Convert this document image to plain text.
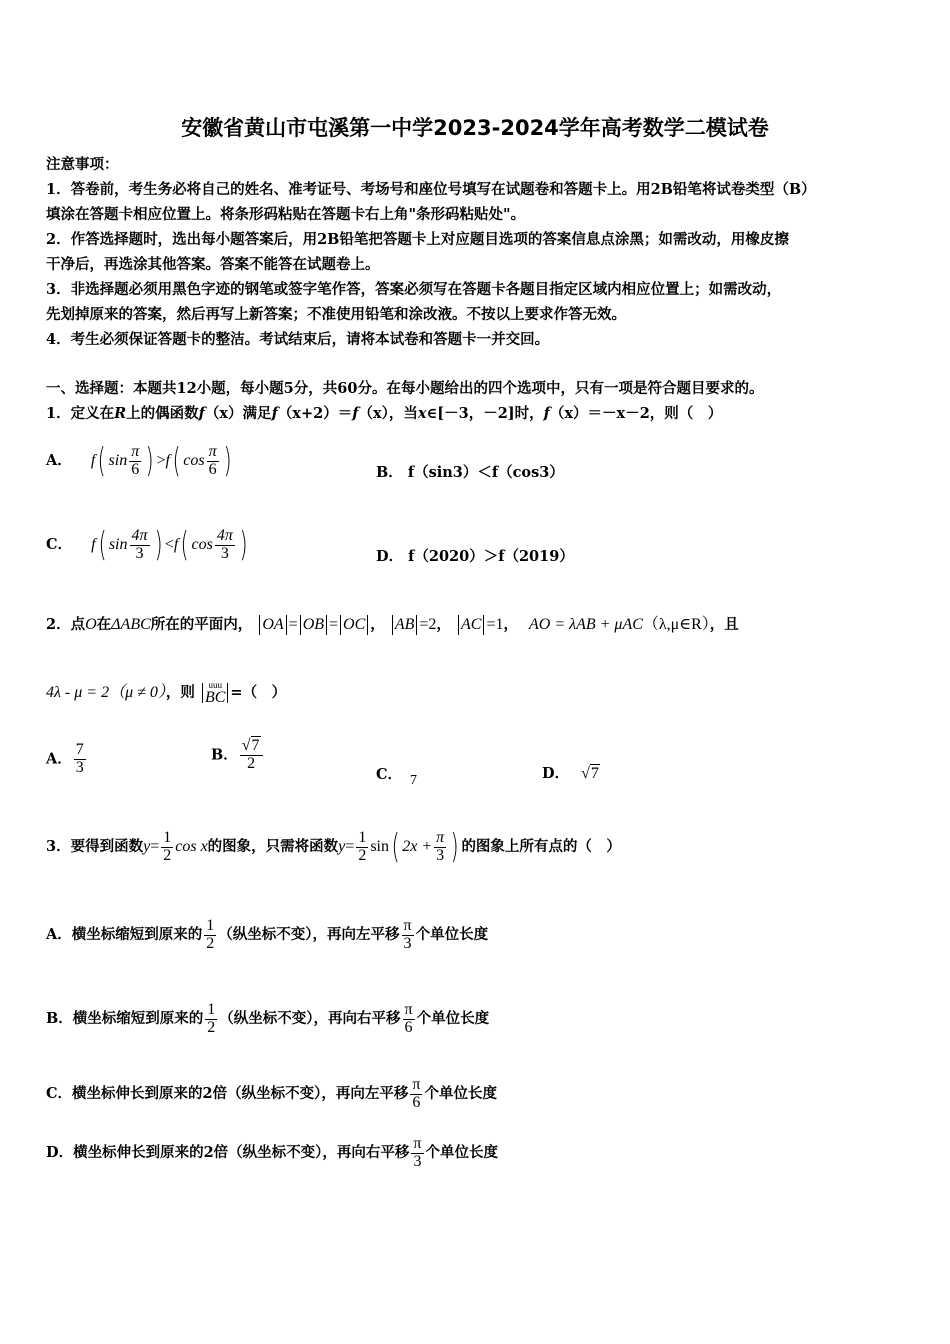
安徽省黄山市屯溪第一中学2023-2024学年高考数学二模试卷
注意事项：
1．答卷前，考生务必将自己的姓名、准考证号、考场号和座位号填写在试题卷和答题卡上。用2B铅笔将试卷类型（B）
填涂在答题卡相应位置上。将条形码粘贴在答题卡右上角"条形码粘贴处"。
2．作答选择题时，选出每小题答案后，用2B铅笔把答题卡上对应题目选项的答案信息点涂黑；如需改动，用橡皮擦
干净后，再选涂其他答案。答案不能答在试题卷上。
3．非选择题必须用黑色字迹的钢笔或签字笔作答，答案必须写在答题卡各题目指定区域内相应位置上；如需改动，
先划掉原来的答案，然后再写上新答案；不准使用铅笔和涂改液。不按以上要求作答无效。
4．考生必须保证答题卡的整洁。考试结束后，请将本试卷和答题卡一并交回。
一、选择题：本题共12小题，每小题5分，共60分。在每小题给出的四个选项中，只有一项是符合题目要求的。
1．定义在R上的偶函数f（x）满足f（x+2）＝f（x），当x∈[－3，－2]时，f（x）＝－x－2，则（　）
A． f( $\sin \frac{\pi}{6}$ ) >f( $\cos \frac{\pi}{6}$ )	B． f（sin3）＜f（cos3）
C． f( $\sin \frac{4\pi}{3}$ ) <f( $\cos \frac{4\pi}{3}$ )	D． f（2020）＞f（2019）
2．点O在ΔABC所在的平面内， OA = OB = OC ， AB =2， AC =1， AO = λAB + μAC（λ,μ∈R），且
4λ - μ = 2（μ ≠ 0），则	uuu
BC =（　）
A． $\frac{7}{3}$	B． $\frac{√7}{2}$
C． 7	D． √7
3．要得到函数$y= \frac{1}{2}$ cos x的图象，只需将函数$y= \frac{1}{2} \sin$( $2x + \frac{\pi}{3}$ ) 的图象上所有点的（　）
A．横坐标缩短到原来的 $\frac{1}{2}$ （纵坐标不变），再向左平移 $\frac{\pi}{3}$ 个单位长度
B．横坐标缩短到原来的 $\frac{1}{2}$ （纵坐标不变），再向右平移 $\frac{\pi}{6}$ 个单位长度
C．横坐标伸长到原来的2倍（纵坐标不变），再向左平移 $\frac{\pi}{6}$ 个单位长度
D．横坐标伸长到原来的2倍（纵坐标不变），再向右平移 $\frac{\pi}{3}$ 个单位长度
